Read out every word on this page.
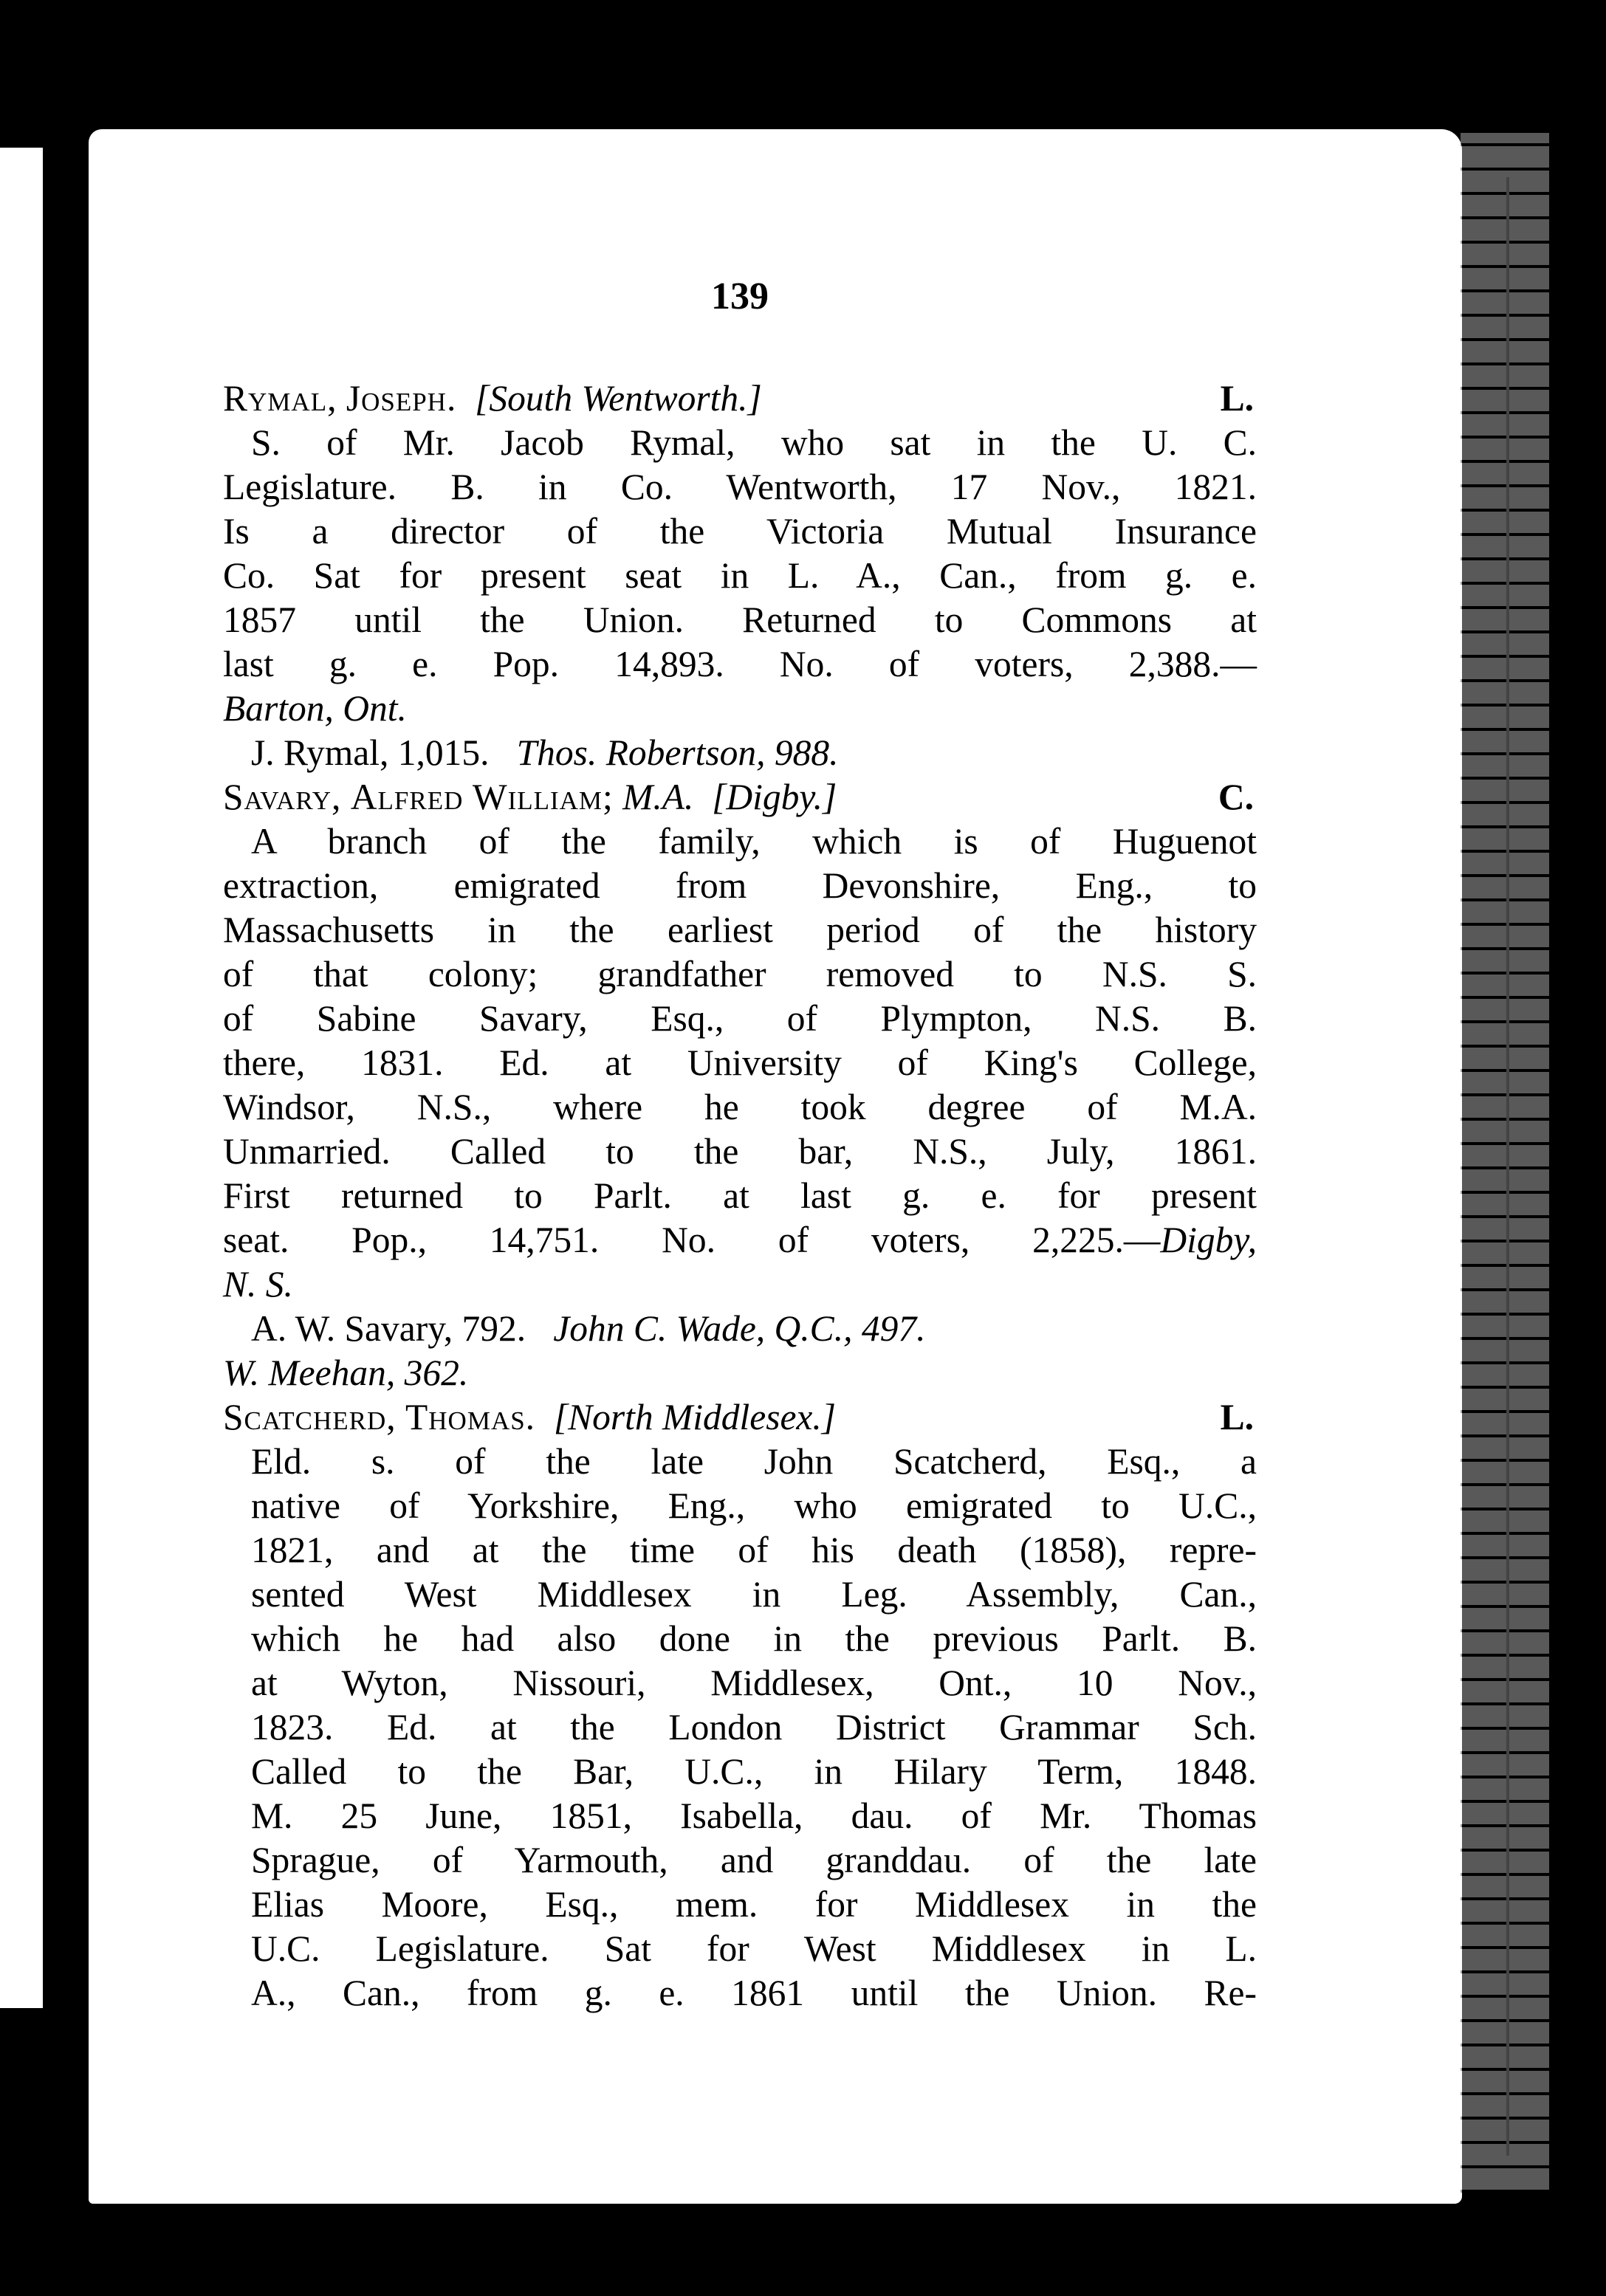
]
·
s,
·,
n,
of
d
of
ed
by
p.,
t.,
139
Rymal, Joseph. [South Wentworth.]	L.
S. of Mr. Jacob Rymal, who sat in the U. C.
Legislature. B. in Co. Wentworth, 17 Nov., 1821.
Is a director of the Victoria Mutual Insurance
Co. Sat for present seat in L. A., Can., from g. e.
1857 until the Union. Returned to Commons at
last g. e. Pop. 14,893. No. of voters, 2,388.—
Barton, Ont.
J. Rymal, 1,015. Thos. Robertson, 988.
Savary, Alfred William; M.A. [Digby.]	C.
A branch of the family, which is of Huguenot
extraction, emigrated from Devonshire, Eng., to
Massachusetts in the earliest period of the history
of that colony; grandfather removed to N.S. S.
of Sabine Savary, Esq., of Plympton, N.S. B.
there, 1831. Ed. at University of King's College,
Windsor, N.S., where he took degree of M.A.
Unmarried. Called to the bar, N.S., July, 1861.
First returned to Parlt. at last g. e. for present
seat. Pop., 14,751. No. of voters, 2,225.—Digby,
N. S.
A. W. Savary, 792. John C. Wade, Q.C., 497.
W. Meehan, 362.
Scatcherd, Thomas. [North Middlesex.]	L.
Eld. s. of the late John Scatcherd, Esq., a
native of Yorkshire, Eng., who emigrated to U.C.,
1821, and at the time of his death (1858), repre-
sented West Middlesex in Leg. Assembly, Can.,
which he had also done in the previous Parlt. B.
at Wyton, Nissouri, Middlesex, Ont., 10 Nov.,
1823. Ed. at the London District Grammar Sch.
Called to the Bar, U.C., in Hilary Term, 1848.
M. 25 June, 1851, Isabella, dau. of Mr. Thomas
Sprague, of Yarmouth, and granddau. of the late
Elias Moore, Esq., mem. for Middlesex in the
U.C. Legislature. Sat for West Middlesex in L.
A., Can., from g. e. 1861 until the Union. Re-
